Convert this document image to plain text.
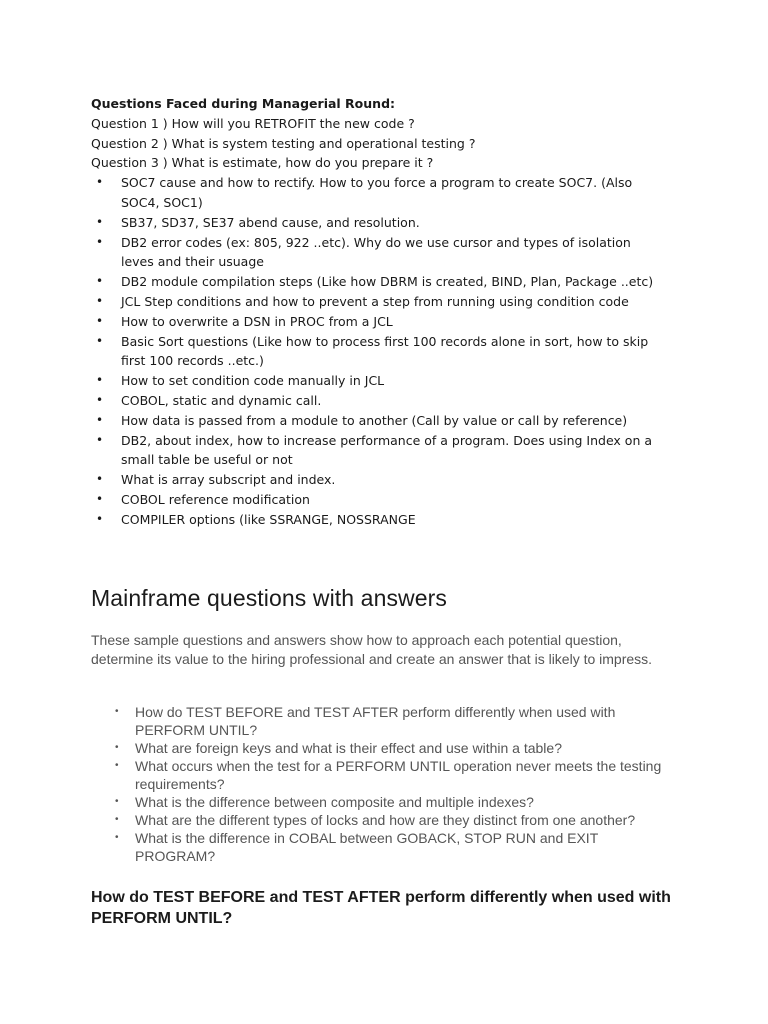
Questions Faced during Managerial Round:
Question 1 ) How will you RETROFIT the new code ?
Question 2 ) What is system testing and operational testing ?
Question 3 ) What is estimate, how do you prepare it ?
• SOC7 cause and how to rectify. How to you force a program to create SOC7. (Also SOC4, SOC1)
• SB37, SD37, SE37 abend cause, and resolution.
• DB2 error codes (ex: 805, 922 ..etc). Why do we use cursor and types of isolation leves and their usuage
• DB2 module compilation steps (Like how DBRM is created, BIND, Plan, Package ..etc)
• JCL Step conditions and how to prevent a step from running using condition code
• How to overwrite a DSN in PROC from a JCL
• Basic Sort questions (Like how to process first 100 records alone in sort, how to skip first 100 records ..etc.)
• How to set condition code manually in JCL
• COBOL, static and dynamic call.
• How data is passed from a module to another (Call by value or call by reference)
• DB2, about index, how to increase performance of a program. Does using Index on a small table be useful or not
• What is array subscript and index.
• COBOL reference modification
• COMPILER options (like SSRANGE, NOSSRANGE
Mainframe questions with answers

These sample questions and answers show how to approach each potential question, determine its value to the hiring professional and create an answer that is likely to impress.

• How do TEST BEFORE and TEST AFTER perform differently when used with PERFORM UNTIL?
• What are foreign keys and what is their effect and use within a table?
• What occurs when the test for a PERFORM UNTIL operation never meets the testing requirements?
• What is the difference between composite and multiple indexes?
• What are the different types of locks and how are they distinct from one another?
• What is the difference in COBAL between GOBACK, STOP RUN and EXIT PROGRAM?
How do TEST BEFORE and TEST AFTER perform differently when used with PERFORM UNTIL?
